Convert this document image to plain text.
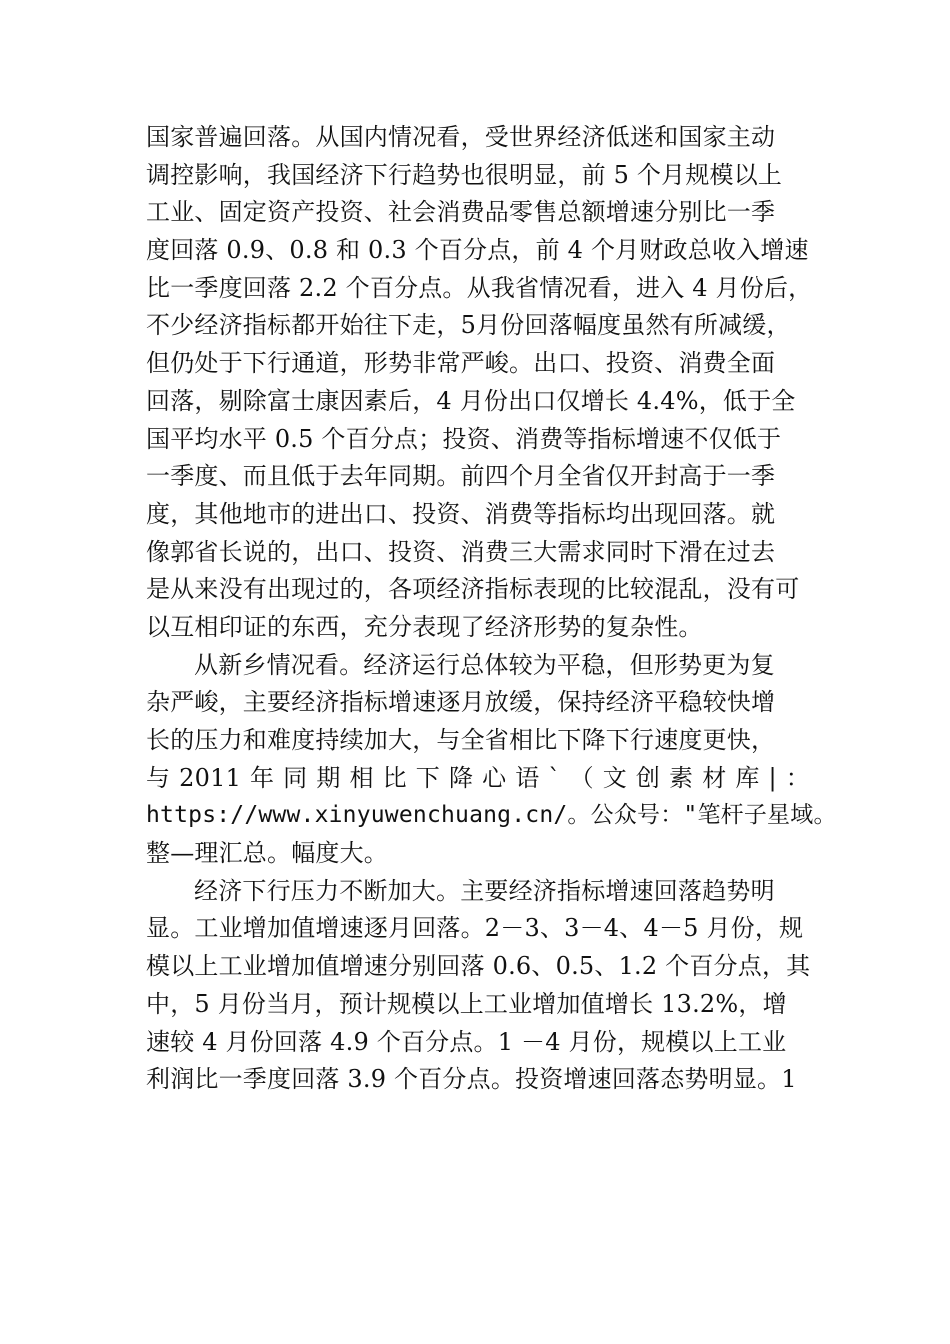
国家普遍回落。从国内情况看，受世界经济低迷和国家主动
调控影响，我国经济下行趋势也很明显，前 5 个月规模以上
工业、固定资产投资、社会消费品零售总额增速分别比一季
度回落 0.9、0.8 和 0.3 个百分点，前 4 个月财政总收入增速
比一季度回落 2.2 个百分点。从我省情况看，进入 4 月份后，
不少经济指标都开始往下走，5月份回落幅度虽然有所减缓，
但仍处于下行通道，形势非常严峻。出口、投资、消费全面
回落，剔除富士康因素后，4 月份出口仅增长 4.4%，低于全
国平均水平 0.5 个百分点；投资、消费等指标增速不仅低于
一季度、而且低于去年同期。前四个月全省仅开封高于一季
度，其他地市的进出口、投资、消费等指标均出现回落。就
像郭省长说的，出口、投资、消费三大需求同时下滑在过去
是从来没有出现过的，各项经济指标表现的比较混乱，没有可
以互相印证的东西，充分表现了经济形势的复杂性。
从新乡情况看。经济运行总体较为平稳，但形势更为复
杂严峻，主要经济指标增速逐月放缓，保持经济平稳较快增
长的压力和难度持续加大，与全省相比下降下行速度更快，
与 2011 年 同 期 相 比 下 降 心 语 ` （ 文 创 素 材 库 | ：
https://www.xinyuwenchuang.cn/。公众号："笔杆子星域。
整—理汇总。幅度大。
经济下行压力不断加大。主要经济指标增速回落趋势明
显。工业增加值增速逐月回落。2－3、3－4、4－5 月份，规
模以上工业增加值增速分别回落 0.6、0.5、1.2 个百分点，其
中，5 月份当月，预计规模以上工业增加值增长 13.2%，增
速较 4 月份回落 4.9 个百分点。1 －4 月份，规模以上工业
利润比一季度回落 3.9 个百分点。投资增速回落态势明显。1
